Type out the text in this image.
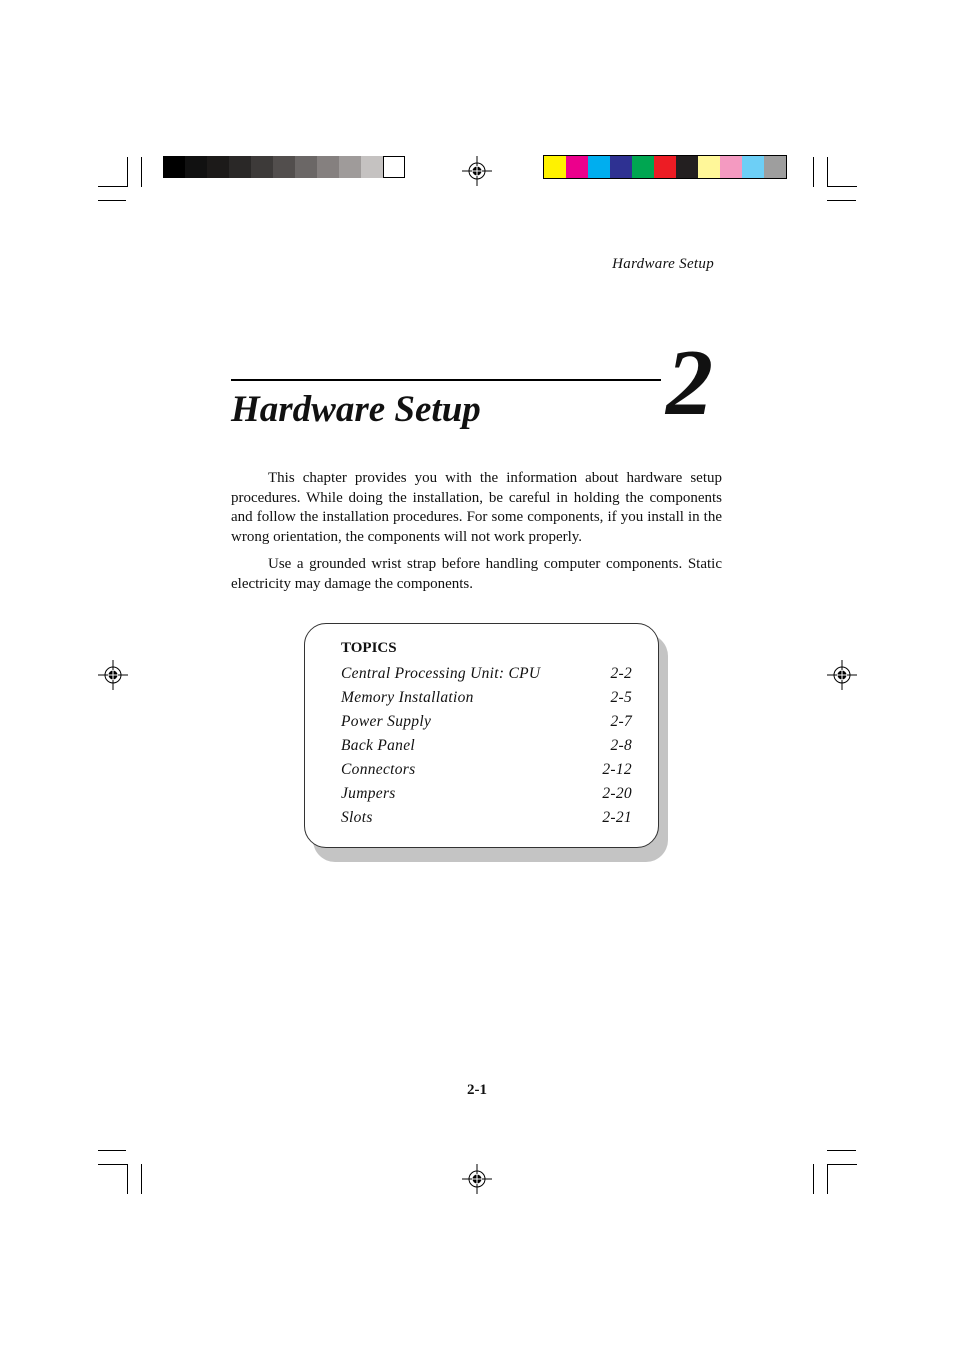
Hardware Setup
2
Hardware Setup

This chapter provides you with the information about hardware setup procedures. While doing the installation, be careful in holding the components and follow the installation procedures. For some components, if you install in the wrong orientation, the components will not work properly.

Use a grounded wrist strap before handling computer components. Static electricity may damage the components.

TOPICS
Central Processing Unit: CPU	2-2
Memory Installation	2-5
Power Supply	2-7
Back Panel	2-8
Connectors	2-12
Jumpers	2-20
Slots	2-21
2-1
